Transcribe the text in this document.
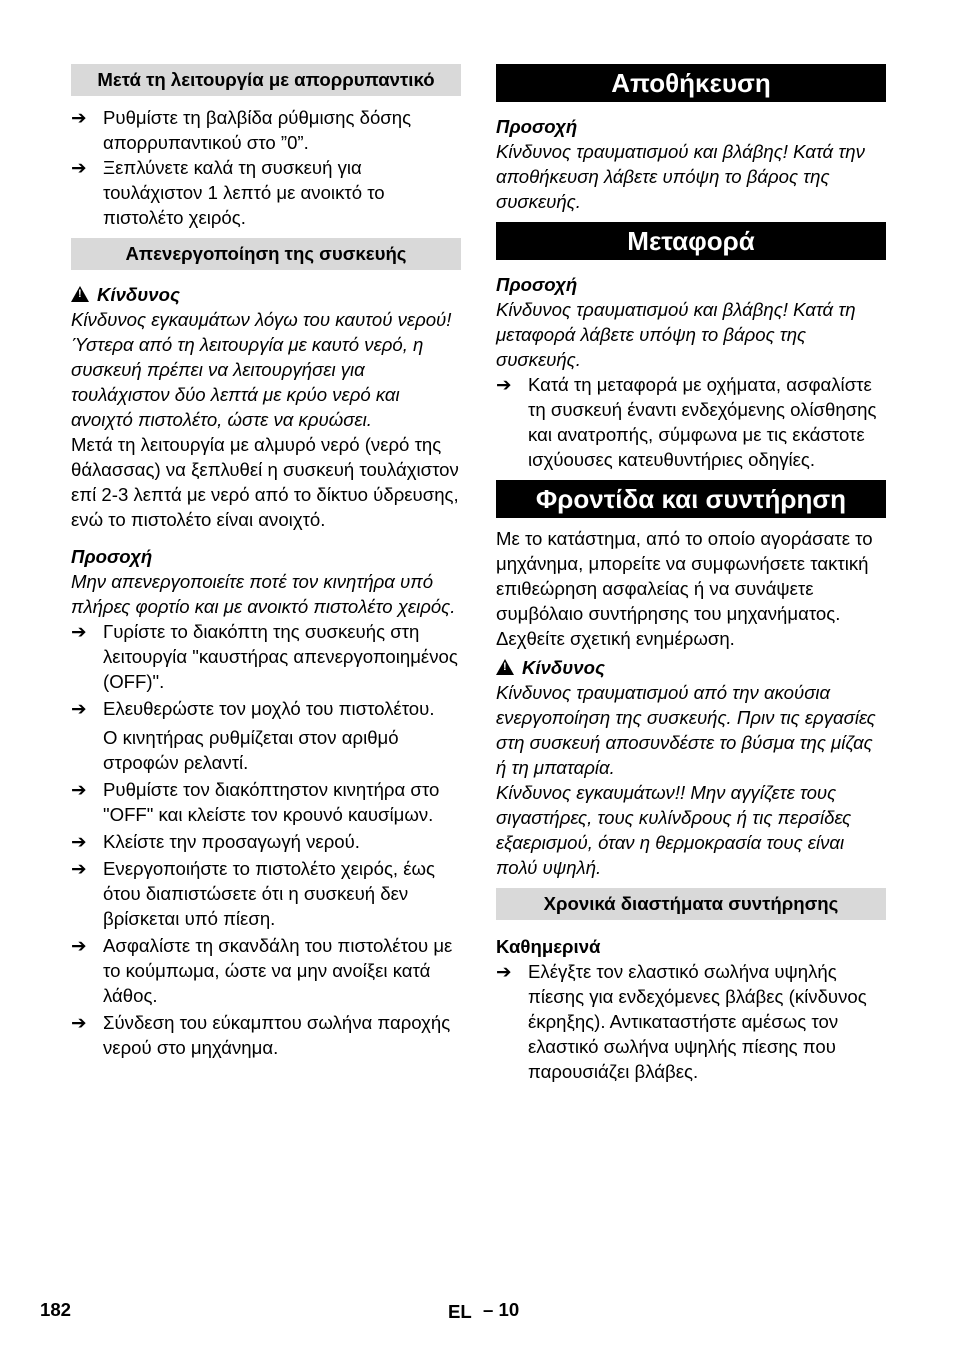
Μετά τη λειτουργία με απορρυπαντικό
➔ Ρυθμίστε τη βαλβίδα ρύθμισης δόσης απορρυπαντικού στο ”0”.
➔ Ξεπλύνετε καλά τη συσκευή για τουλάχιστον 1 λεπτό με ανοικτό το πιστολέτο χειρός.
Απενεργοποίηση της συσκευής
!Κίνδυνος

Κίνδυνος εγκαυμάτων λόγω του καυτού νερού! Ύστερα από τη λειτουργία με καυτό νερό, η συσκευή πρέπει να λειτουργήσει για τουλάχιστον δύο λεπτά με κρύο νερό και ανοιχτό πιστολέτο, ώστε να κρυώσει.

Μετά τη λειτουργία με αλμυρό νερό (νερό της θάλασσας) να ξεπλυθεί η συσκευή τουλάχιστον επί 2-3 λεπτά με νερό από το δίκτυο ύδρευσης, ενώ το πιστολέτο είναι ανοιχτό.

Προσοχή

Μην απενεργοποιείτε ποτέ τον κινητήρα υπό πλήρες φορτίο και με ανοικτό πιστολέτο χειρός.

➔ Γυρίστε το διακόπτη της συσκευής στη λειτουργία "καυστήρας απενεργοποιημένος (OFF)".
➔ Ελευθερώστε τον μοχλό του πιστολέτου.

Ο κινητήρας ρυθμίζεται στον αριθμό στροφών ρελαντί.

➔ Ρυθμίστε τον διακόπτηστον κινητήρα στο "OFF" και κλείστε τον κρουνό καυσίμων.
➔ Κλείστε την προσαγωγή νερού.
➔ Ενεργοποιήστε το πιστολέτο χειρός, έως ότου διαπιστώσετε ότι η συσκευή δεν βρίσκεται υπό πίεση.
➔ Ασφαλίστε τη σκανδάλη του πιστολέτου με το κούμπωμα, ώστε να μην ανοίξει κατά λάθος.
➔ Σύνδεση του εύκαμπτου σωλήνα παροχής νερού στο μηχάνημα.
Αποθήκευση
Προσοχή

Κίνδυνος τραυματισμού και βλάβης! Κατά την αποθήκευση λάβετε υπόψη το βάρος της συσκευής.

Μεταφορά
Προσοχή

Κίνδυνος τραυματισμού και βλάβης! Κατά τη μεταφορά λάβετε υπόψη το βάρος της συσκευής.

➔ Κατά τη μεταφορά με οχήματα, ασφαλίστε τη συσκευή έναντι ενδεχόμενης ολίσθησης και ανατροπής, σύμφωνα με τις εκάστοτε ισχύουσες κατευθυντήριες οδηγίες.
Φροντίδα και συντήρηση

Με το κατάστημα, από το οποίο αγοράσατε το μηχάνημα, μπορείτε να συμφωνήσετε τακτική επιθεώρηση ασφαλείας ή να συνάψετε συμβόλαιο συντήρησης του μηχανήματος. Δεχθείτε σχετική ενημέρωση.

!Κίνδυνος

Κίνδυνος τραυματισμού από την ακούσια ενεργοποίηση της συσκευής. Πριν τις εργασίες στη συσκευή αποσυνδέστε το βύσμα της μίζας ή τη μπαταρία.

Κίνδυνος εγκαυμάτων!! Μην αγγίζετε τους σιγαστήρες, τους κυλίνδρους ή τις περσίδες εξαερισμού, όταν η θερμοκρασία τους είναι πολύ υψηλή.

Χρονικά διαστήματα συντήρησης
Καθημερινά
➔ Ελέγξτε τον ελαστικό σωλήνα υψηλής πίεσης για ενδεχόμενες βλάβες (κίνδυνος έκρηξης). Αντικαταστήστε αμέσως τον ελαστικό σωλήνα υψηλής πίεσης που παρουσιάζει βλάβες.
182	EL – 10
